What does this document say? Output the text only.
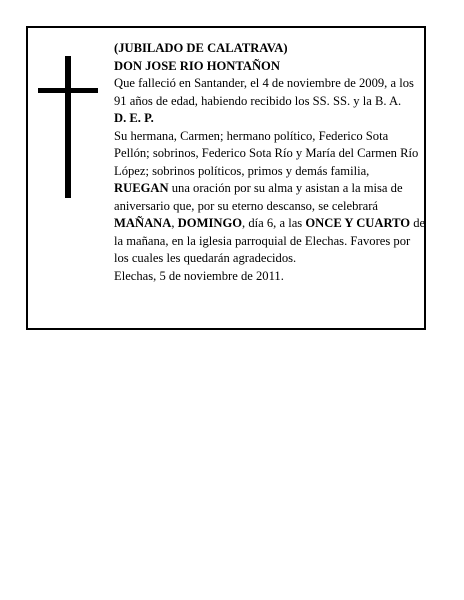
(JUBILADO DE CALATRAVA)

DON JOSE RIO HONTAÑON

Que falleció en Santander, el 4 de noviembre de 2009, a los 91 años de edad, habiendo recibido los SS. SS. y la B. A.

D. E. P.

Su hermana, Carmen; hermano político, Federico Sota Pellón; sobrinos, Federico Sota Río y María del Carmen Río López; sobrinos políticos, primos y demás familia,

RUEGAN una oración por su alma y asistan a la misa de aniversario que, por su eterno descanso, se celebrará MAÑANA, DOMINGO, día 6, a las ONCE Y CUARTO de la mañana, en la iglesia parroquial de Elechas. Favores por los cuales les quedarán agradecidos.

Elechas, 5 de noviembre de 2011.
